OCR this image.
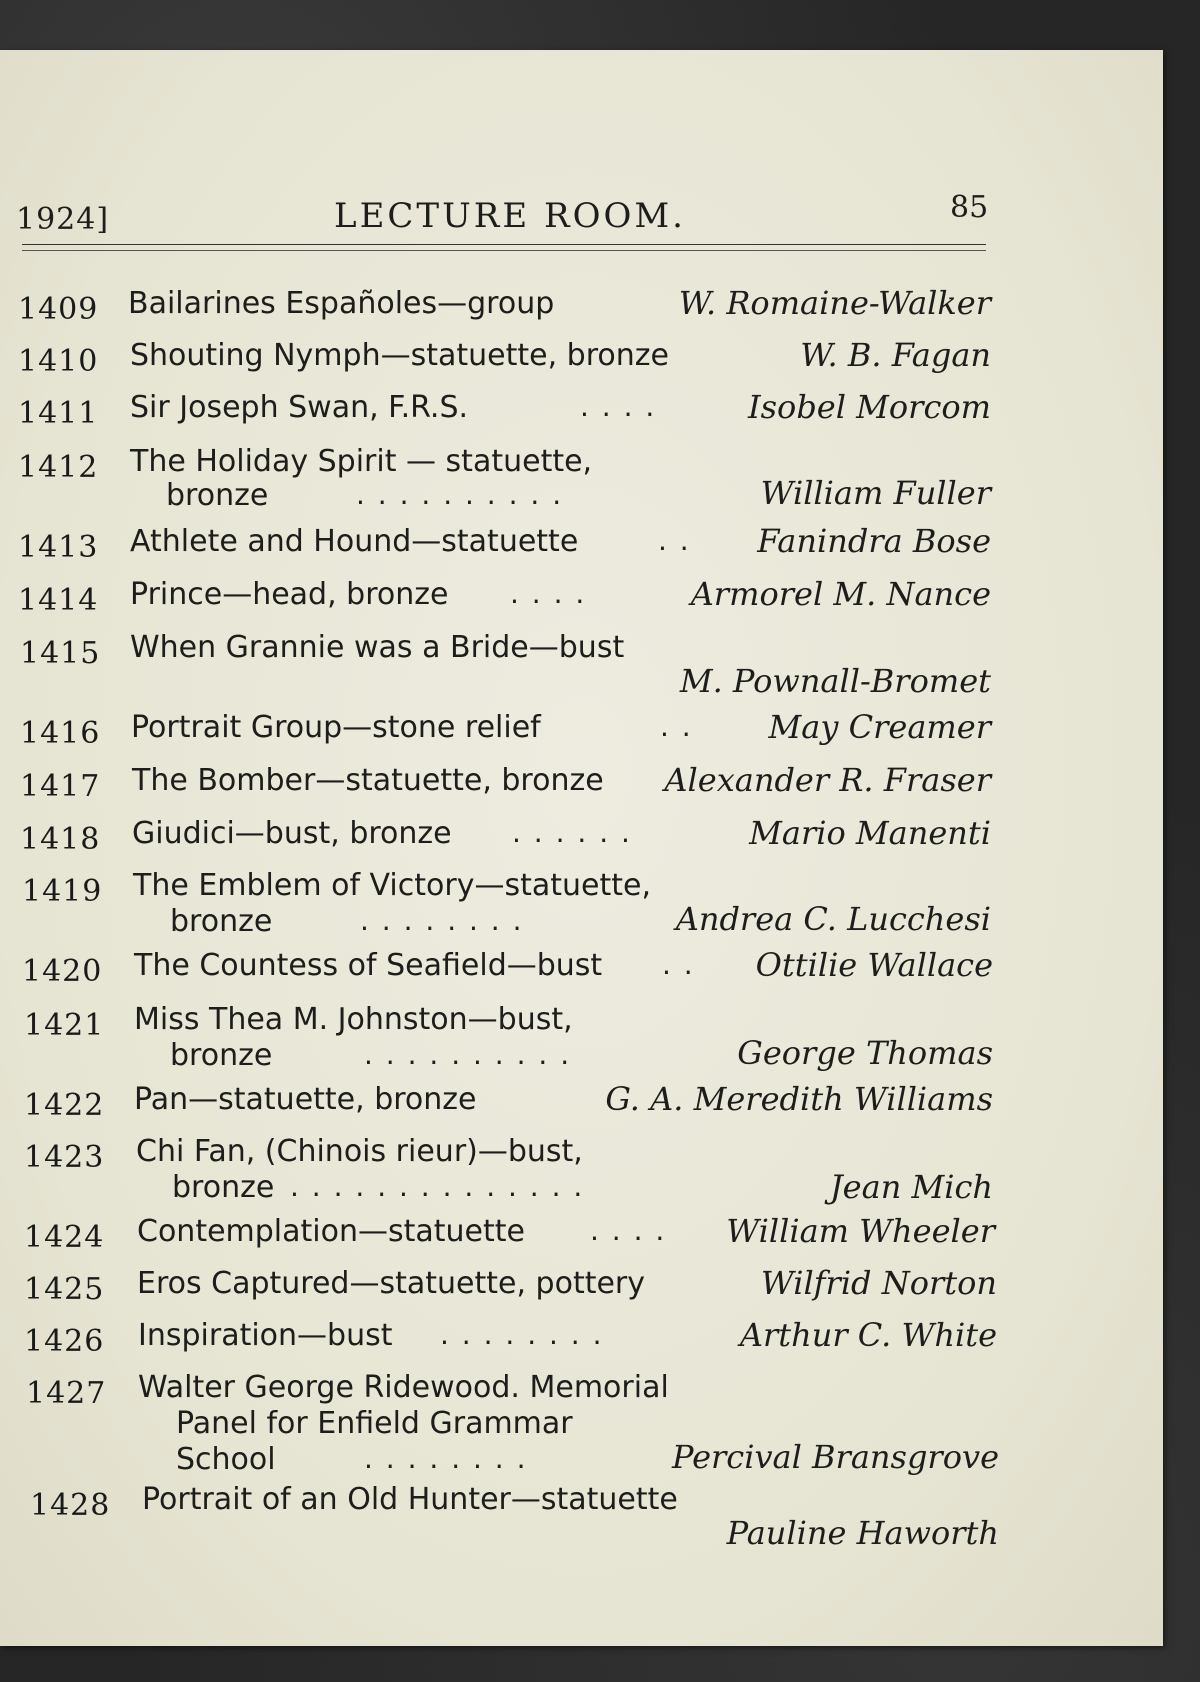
1924]	LECTURE ROOM.	85
1409 Bailarines Españoles—group	W. Romaine-Walker
1410 Shouting Nymph—statuette, bronze	W. B. Fagan
1411 Sir Joseph Swan, F.R.S.	. . . .	Isobel Morcom
1412 The Holiday Spirit — statuette,
bronze	. . . . . . . . . .	William Fuller
1413 Athlete and Hound—statuette	. . Fanindra Bose
1414 Prince—head, bronze . . . .	Armorel M. Nance
1415 When Grannie was a Bride—bust
M. Pownall-Bromet
1416 Portrait Group—stone relief	. . May Creamer
1417 The Bomber—statuette, bronze Alexander R. Fraser
1418 Giudici—bust, bronze . . . . . .	Mario Manenti
1419 The Emblem of Victory—statuette,
bronze	. . . . . . . .	Andrea C. Lucchesi
1420 The Countess of Seafield—bust . . Ottilie Wallace
1421 Miss Thea M. Johnston—bust,
bronze	. . . . . . . . . .	George Thomas
1422 Pan—statuette, bronze	G. A. Meredith Williams
1423 Chi Fan, (Chinois rieur)—bust,
bronze . . . . . . . . . . . . . .	Jean Mich
1424 Contemplation—statuette . . . . William Wheeler
1425 Eros Captured—statuette, pottery	Wilfrid Norton
1426 Inspiration—bust . . . . . . . .	Arthur C. White
1427 Walter George Ridewood. Memorial
Panel for Enfield Grammar
School	. . . . . . . .	Percival Bransgrove
1428 Portrait of an Old Hunter—statuette
Pauline Haworth
